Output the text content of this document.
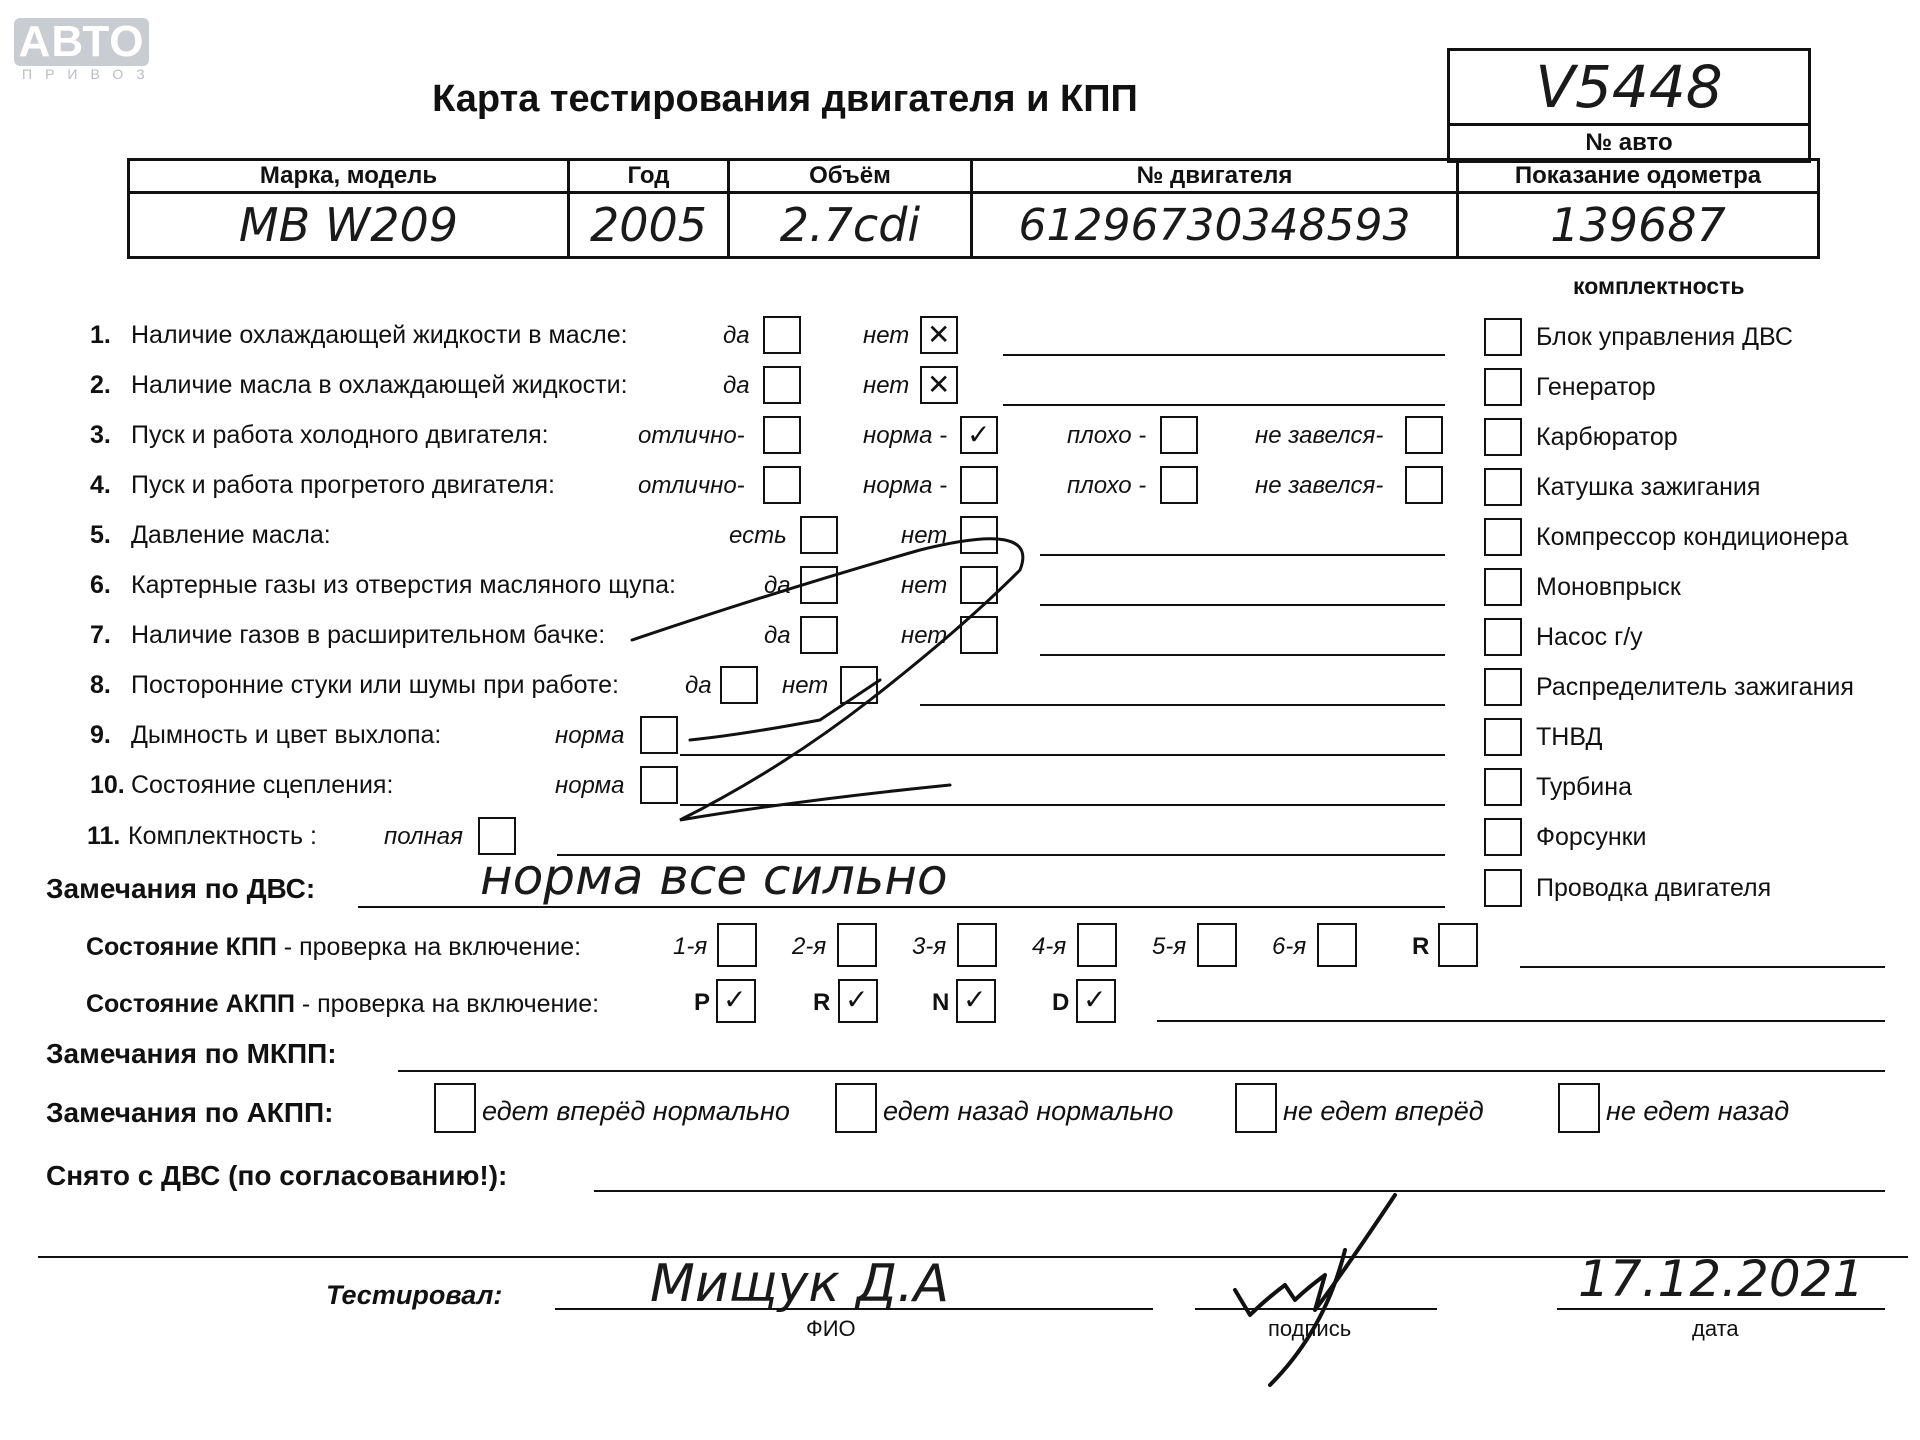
АВТО
ПРИВОЗ
Карта тестирования двигателя и КПП	V5448
№ авто
Марка, модель	Год	Объём	№ двигателя	Показание одометра
MB W209	2005	2.7cdi	61296730348593	139687
комплектность
1. Наличие охлаждающей жидкости в масле:	да	нет ✕
2. Наличие масла в охлаждающей жидкости:	да	нет ✕
3. Пуск и работа холодного двигателя:	отлично-	норма - ✓	плохо -	не завелся-
4. Пуск и работа прогретого двигателя:	отлично-	норма -	плохо -	не завелся-
5. Давление масла:	есть	нет
6. Картерные газы из отверстия масляного щупа:	да	нет
7. Наличие газов в расширительном бачке:	да	нет
8. Посторонние стуки или шумы при работе:	да	нет
9. Дымность и цвет выхлопа:	норма
10. Состояние сцепления:	норма
11. Комплектность :	полная
Блок управления ДВС
Генератор
Карбюратор
Катушка зажигания
Компрессор кондиционера
Моновпрыск
Насос г/у
Распределитель зажигания
ТНВД
Турбина
Форсунки
Проводка двигателя
Замечания по ДВС:	норма все сильно
Состояние КПП - проверка на включение:	1-я	2-я	3-я	4-я	5-я	6-я	R
Состояние АКПП - проверка на включение:	P ✓	R ✓	N ✓	D ✓
Замечания по МКПП:
Замечания по АКПП:	едет вперёд нормально	едет назад нормально	не едет вперёд	не едет назад
Снято с ДВС (по согласованию!):
Тестировал:	Мищук Д.А
ФИО	подпись
17.12.2021
дата
